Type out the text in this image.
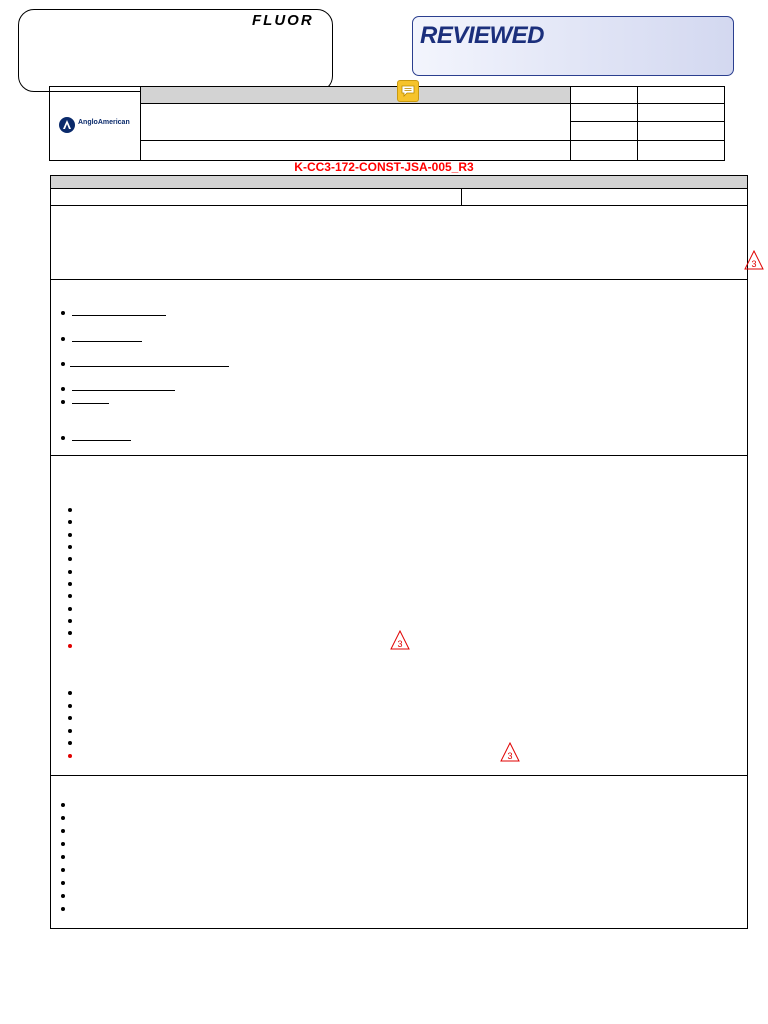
FLUOR
REVIEWED
AngloAmerican
K-CC3-172-CONST-JSA-005_R3
3
3
3
